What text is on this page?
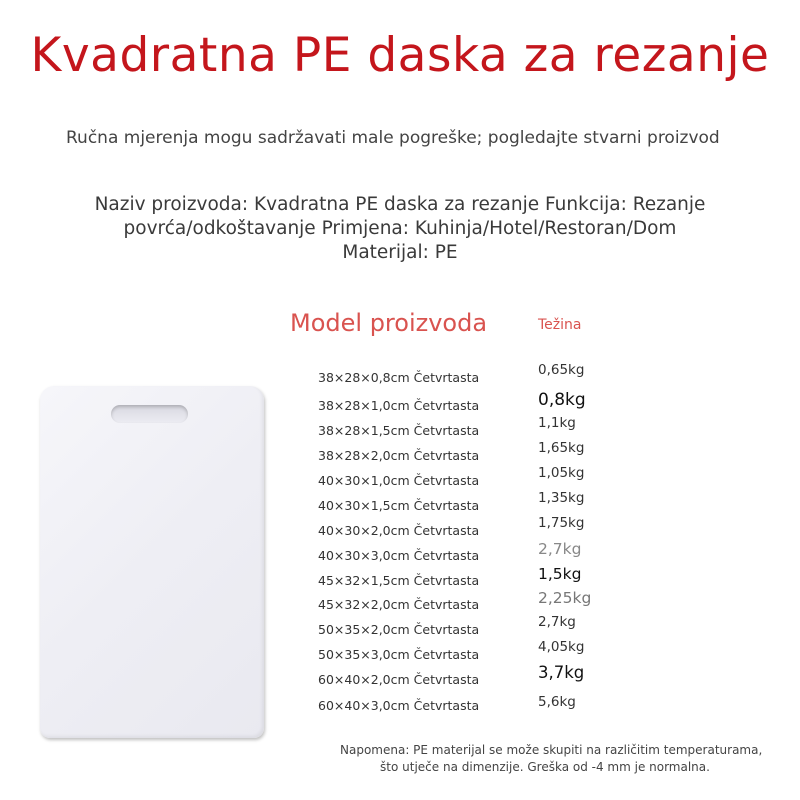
Kvadratna PE daska za rezanje
Ručna mjerenja mogu sadržavati male pogreške; pogledajte stvarni proizvod
Naziv proizvoda: Kvadratna PE daska za rezanje Funkcija: Rezanje
povrća/odkoštavanje Primjena: Kuhinja/Hotel/Restoran/Dom
Materijal: PE
Model proizvoda	Težina
38×28×0,8cm Četvrtasta	0,65kg
38×28×1,0cm Četvrtasta	0,8kg
38×28×1,5cm Četvrtasta	1,1kg
38×28×2,0cm Četvrtasta	1,65kg
40×30×1,0cm Četvrtasta	1,05kg
40×30×1,5cm Četvrtasta	1,35kg
40×30×2,0cm Četvrtasta	1,75kg
40×30×3,0cm Četvrtasta	2,7kg
45×32×1,5cm Četvrtasta	1,5kg
45×32×2,0cm Četvrtasta	2,25kg
50×35×2,0cm Četvrtasta	2,7kg
50×35×3,0cm Četvrtasta	4,05kg
60×40×2,0cm Četvrtasta	3,7kg
60×40×3,0cm Četvrtasta	5,6kg
Napomena: PE materijal se može skupiti na različitim temperaturama,
što utječe na dimenzije. Greška od -4 mm je normalna.
